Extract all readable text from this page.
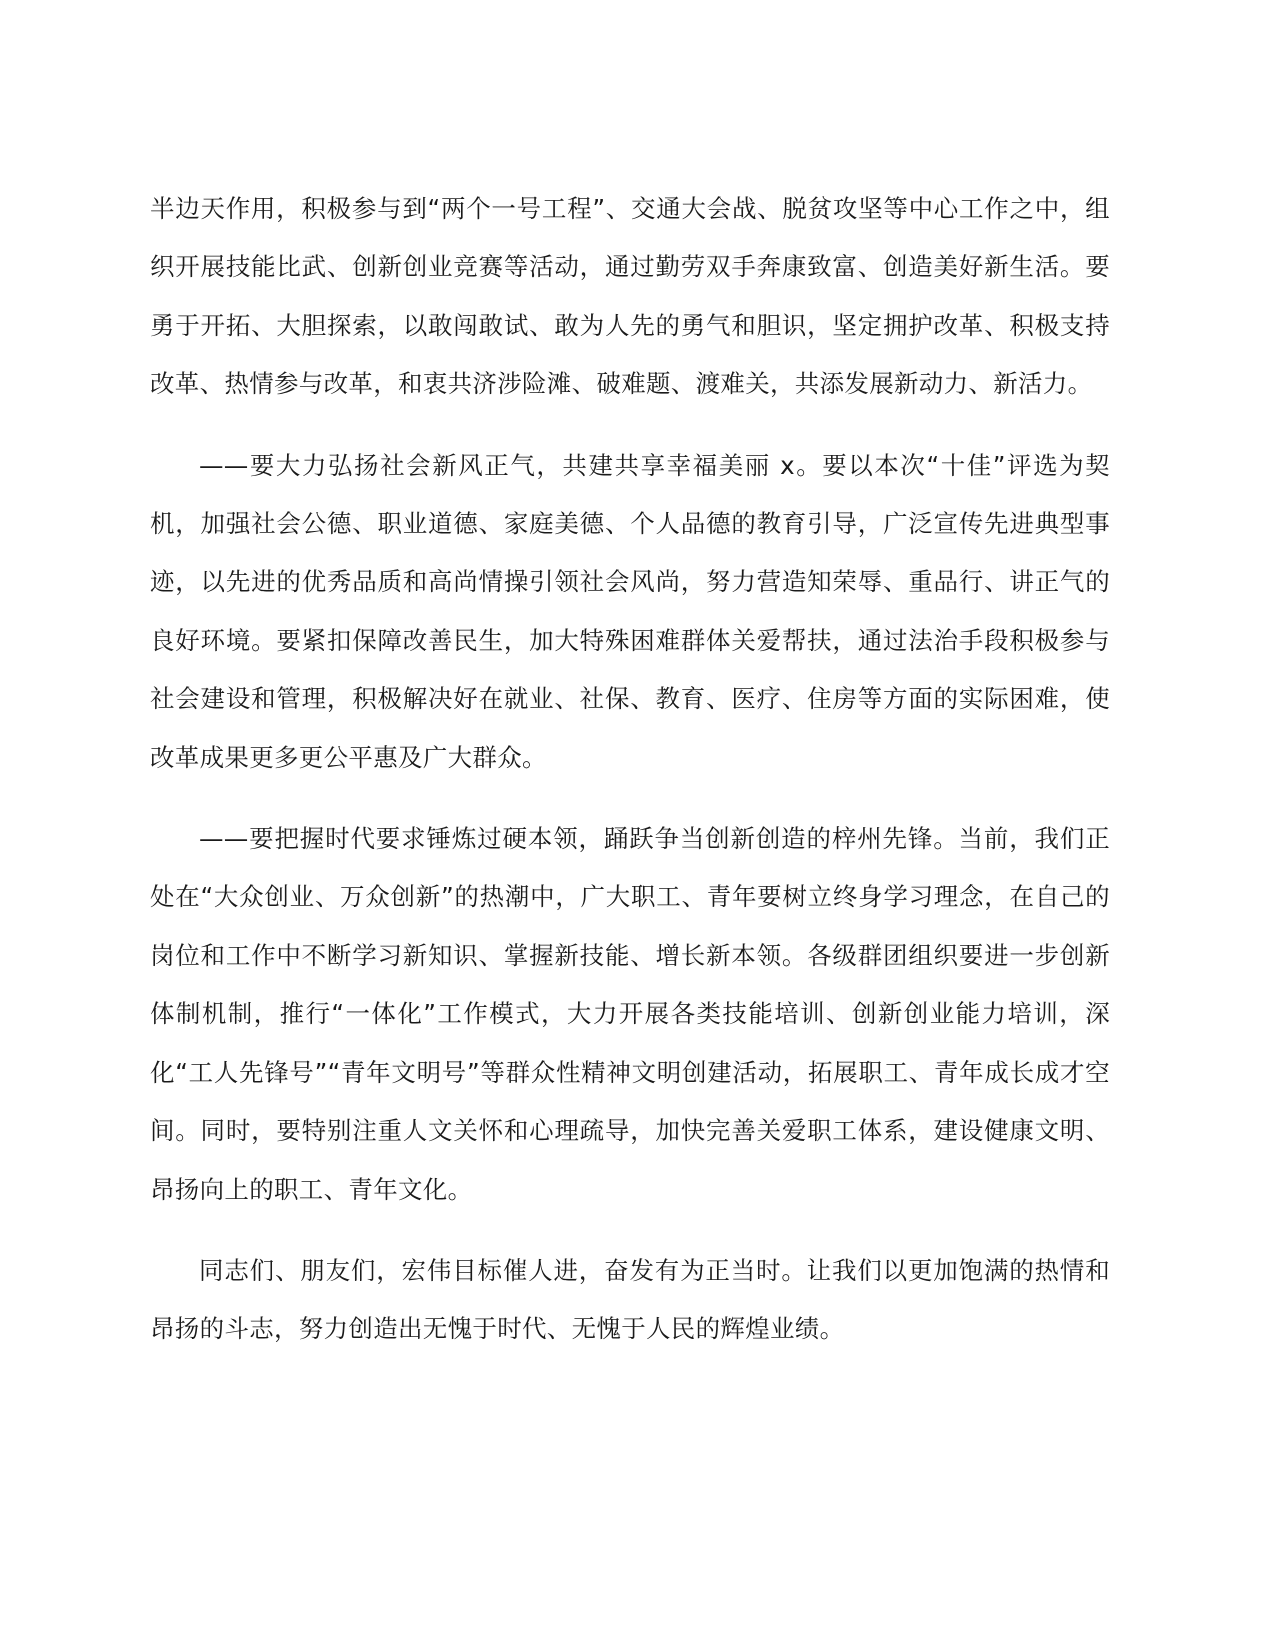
半边天作用，积极参与到“两个一号工程”、交通大会战、脱贫攻坚等中心工作之中，组织开展技能比武、创新创业竞赛等活动，通过勤劳双手奔康致富、创造美好新生活。要勇于开拓、大胆探索，以敢闯敢试、敢为人先的勇气和胆识，坚定拥护改革、积极支持改革、热情参与改革，和衷共济涉险滩、破难题、渡难关，共添发展新动力、新活力。

——要大力弘扬社会新风正气，共建共享幸福美丽 x。要以本次“十佳”评选为契机，加强社会公德、职业道德、家庭美德、个人品德的教育引导，广泛宣传先进典型事迹，以先进的优秀品质和高尚情操引领社会风尚，努力营造知荣辱、重品行、讲正气的良好环境。要紧扣保障改善民生，加大特殊困难群体关爱帮扶，通过法治手段积极参与社会建设和管理，积极解决好在就业、社保、教育、医疗、住房等方面的实际困难，使改革成果更多更公平惠及广大群众。

——要把握时代要求锤炼过硬本领，踊跃争当创新创造的梓州先锋。当前，我们正处在“大众创业、万众创新”的热潮中，广大职工、青年要树立终身学习理念，在自己的岗位和工作中不断学习新知识、掌握新技能、增长新本领。各级群团组织要进一步创新体制机制，推行“一体化”工作模式，大力开展各类技能培训、创新创业能力培训，深化“工人先锋号”“青年文明号”等群众性精神文明创建活动，拓展职工、青年成长成才空间。同时，要特别注重人文关怀和心理疏导，加快完善关爱职工体系，建设健康文明、昂扬向上的职工、青年文化。

同志们、朋友们，宏伟目标催人进，奋发有为正当时。让我们以更加饱满的热情和昂扬的斗志，努力创造出无愧于时代、无愧于人民的辉煌业绩。
